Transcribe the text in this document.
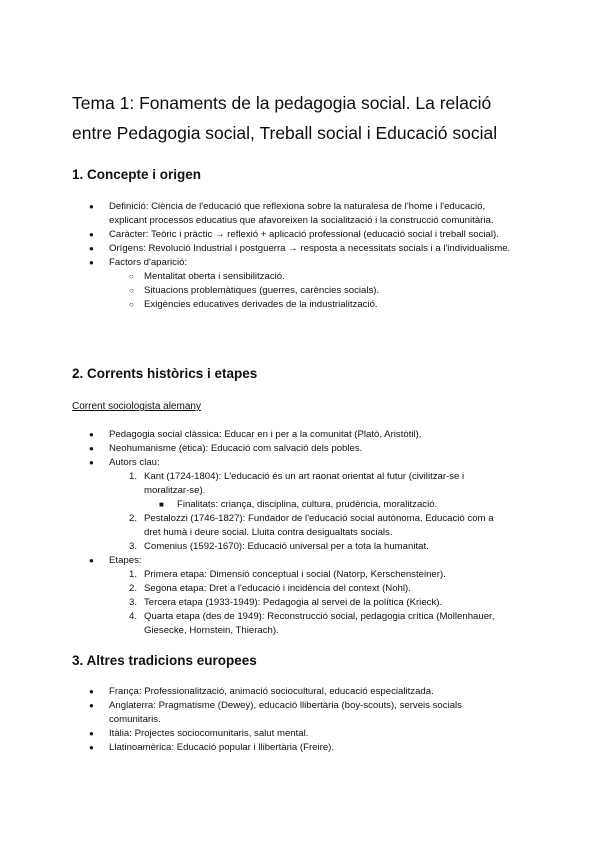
Tema 1: Fonaments de la pedagogia social. La relació
entre Pedagogia social, Treball social i Educació social
1. Concepte i origen
●	Definició: Ciència de l'educació que reflexiona sobre la naturalesa de l'home i l'educació, explicant processos educatius que afavoreixen la socialització i la construcció comunitària.
●	Caràcter: Teòric i pràctic → reflexió + aplicació professional (educació social i treball social).
●	Orígens: Revolució Industrial i postguerra → resposta a necessitats socials i a l'individualisme.
●	Factors d'aparició:
○	Mentalitat oberta i sensibilització.
○	Situacions problemàtiques (guerres, carències socials).
○	Exigències educatives derivades de la industrialització.
2. Corrents històrics i etapes
Corrent sociologista alemany
●	Pedagogia social clàssica: Educar en i per a la comunitat (Plató, Aristòtil).
●	Neohumanisme (ètica): Educació com salvació dels pobles.
●	Autors clau:
1. Kant (1724-1804): L'educació és un art raonat orientat al futur (civilitzar-se i moralitzar-se).
■	Finalitats: criança, disciplina, cultura, prudència, moralització.
2. Pestalozzi (1746-1827): Fundador de l'educació social autònoma. Educació com a dret humà i deure social. Lluita contra desigualtats socials.
3. Comenius (1592-1670): Educació universal per a tota la humanitat.
●	Etapes:
1. Primera etapa: Dimensió conceptual i social (Natorp, Kerschensteiner).
2. Segona etapa: Dret a l'educació i incidència del context (Nohl).
3. Tercera etapa (1933-1949): Pedagogia al servei de la política (Krieck).
4. Quarta etapa (des de 1949): Reconstrucció social, pedagogia crítica (Mollenhauer, Giesecke, Hornstein, Thierach).
3. Altres tradicions europees
●	França: Professionalització, animació sociocultural, educació especialitzada.
●	Anglaterra: Pragmatisme (Dewey), educació llibertària (boy-scouts), serveis socials comunitaris.
●	Itàlia: Projectes sociocomunitaris, salut mental.
●	Llatinoamèrica: Educació popular i llibertària (Freire).
